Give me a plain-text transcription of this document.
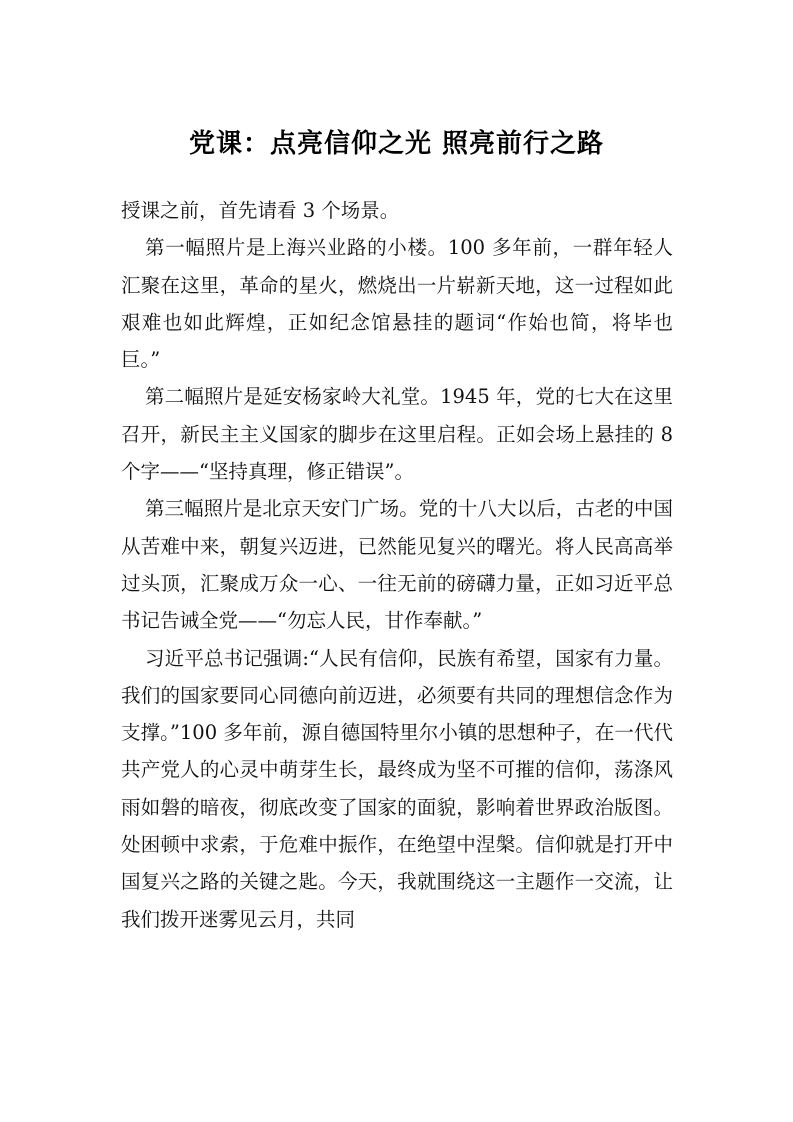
党课：点亮信仰之光 照亮前行之路

授课之前，首先请看 3 个场景。

第一幅照片是上海兴业路的小楼。100 多年前，一群年轻人汇聚在这里，革命的星火，燃烧出一片崭新天地，这一过程如此艰难也如此辉煌，正如纪念馆悬挂的题词“作始也简，将毕也巨。”

第二幅照片是延安杨家岭大礼堂。1945 年，党的七大在这里召开，新民主主义国家的脚步在这里启程。正如会场上悬挂的 8 个字——“坚持真理，修正错误”。

第三幅照片是北京天安门广场。党的十八大以后，古老的中国从苦难中来，朝复兴迈进，已然能见复兴的曙光。将人民高高举过头顶，汇聚成万众一心、一往无前的磅礴力量，正如习近平总书记告诫全党——“勿忘人民，甘作奉献。”

习近平总书记强调:“人民有信仰，民族有希望，国家有力量。我们的国家要同心同德向前迈进，必须要有共同的理想信念作为支撑。”100 多年前，源自德国特里尔小镇的思想种子，在一代代共产党人的心灵中萌芽生长，最终成为坚不可摧的信仰，荡涤风雨如磐的暗夜，彻底改变了国家的面貌，影响着世界政治版图。处困顿中求索，于危难中振作，在绝望中涅槃。信仰就是打开中国复兴之路的关键之匙。今天，我就围绕这一主题作一交流，让我们拨开迷雾见云月，共同
